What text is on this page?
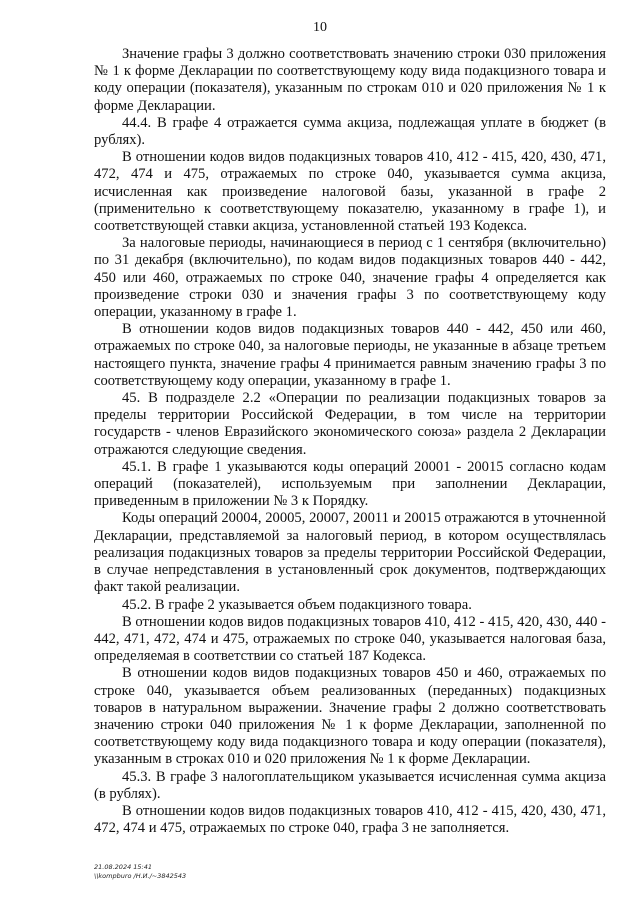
10

Значение графы 3 должно соответствовать значению строки 030 приложения № 1 к форме Декларации по соответствующему коду вида подакцизного товара и коду операции (показателя), указанным по строкам 010 и 020 приложения № 1 к форме Декларации.

44.4. В графе 4 отражается сумма акциза, подлежащая уплате в бюджет (в рублях).

В отношении кодов видов подакцизных товаров 410, 412 - 415, 420, 430, 471, 472, 474 и 475, отражаемых по строке 040, указывается сумма акциза, исчисленная как произведение налоговой базы, указанной в графе 2 (применительно к соответствующему показателю, указанному в графе 1), и соответствующей ставки акциза, установленной статьей 193 Кодекса.

За налоговые периоды, начинающиеся в период с 1 сентября (включительно) по 31 декабря (включительно), по кодам видов подакцизных товаров 440 - 442, 450 или 460, отражаемых по строке 040, значение графы 4 определяется как произведение строки 030 и значения графы 3 по соответствующему коду операции, указанному в графе 1.

В отношении кодов видов подакцизных товаров 440 - 442, 450 или 460, отражаемых по строке 040, за налоговые периоды, не указанные в абзаце третьем настоящего пункта, значение графы 4 принимается равным значению графы 3 по соответствующему коду операции, указанному в графе 1.

45. В подразделе 2.2 «Операции по реализации подакцизных товаров за пределы территории Российской Федерации, в том числе на территории государств - членов Евразийского экономического союза» раздела 2 Декларации отражаются следующие сведения.

45.1. В графе 1 указываются коды операций 20001 - 20015 согласно кодам операций (показателей), используемым при заполнении Декларации, приведенным в приложении № 3 к Порядку.

Коды операций 20004, 20005, 20007, 20011 и 20015 отражаются в уточненной Декларации, представляемой за налоговый период, в котором осуществлялась реализация подакцизных товаров за пределы территории Российской Федерации, в случае непредставления в установленный срок документов, подтверждающих факт такой реализации.

45.2. В графе 2 указывается объем подакцизного товара.

В отношении кодов видов подакцизных товаров 410, 412 - 415, 420, 430, 440 - 442, 471, 472, 474 и 475, отражаемых по строке 040, указывается налоговая база, определяемая в соответствии со статьей 187 Кодекса.

В отношении кодов видов подакцизных товаров 450 и 460, отражаемых по строке 040, указывается объем реализованных (переданных) подакцизных товаров в натуральном выражении. Значение графы 2 должно соответствовать значению строки 040 приложения № 1 к форме Декларации, заполненной по соответствующему коду вида подакцизного товара и коду операции (показателя), указанным в строках 010 и 020 приложения № 1 к форме Декларации.

45.3. В графе 3 налогоплательщиком указывается исчисленная сумма акциза (в рублях).

В отношении кодов видов подакцизных товаров 410, 412 - 415, 420, 430, 471, 472, 474 и 475, отражаемых по строке 040, графа 3 не заполняется.

21.08.2024 15:41
\\kompburo /Н.И./~3842543
